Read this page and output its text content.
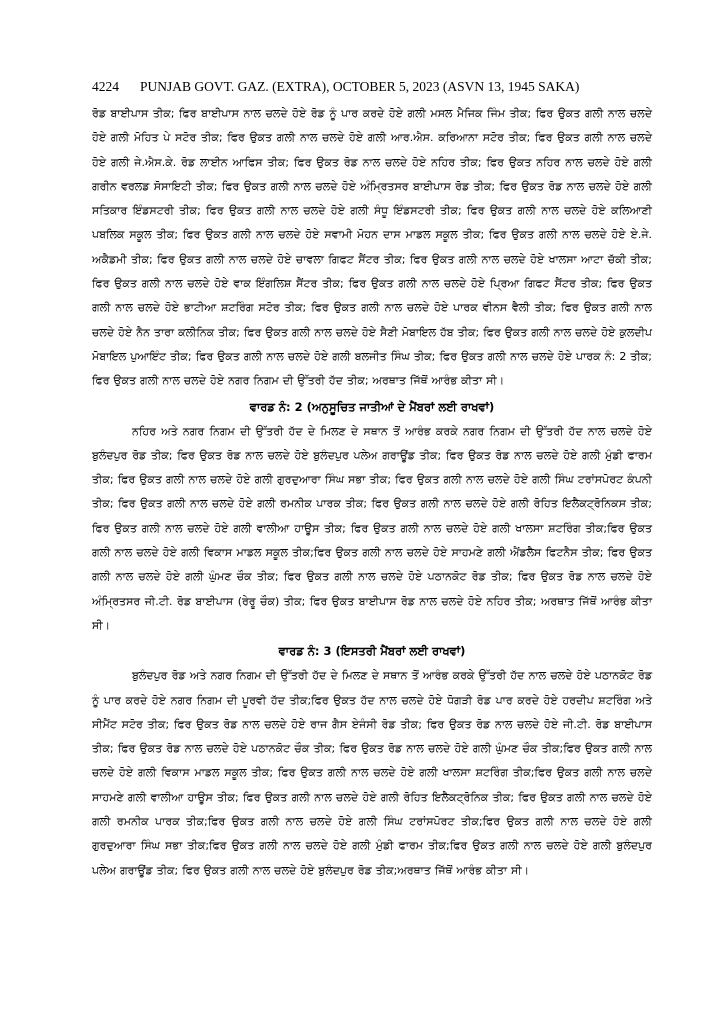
4224 PUNJAB GOVT. GAZ. (EXTRA), OCTOBER 5, 2023 (ASVN 13, 1945 SAKA)

ਰੋਡ ਬਾਈਪਾਸ ਤੀਕ; ਫਿਰ ਬਾਈਪਾਸ ਨਾਲ ਚਲਦੇ ਹੋਏ ਰੋਡ ਨੂੰ ਪਾਰ ਕਰਦੇ ਹੋਏ ਗਲੀ ਮਸਲ ਮੈਜਿਕ ਜਿੰਮ ਤੀਕ; ਫਿਰ ਉਕਤ ਗਲੀ ਨਾਲ ਚਲਦੇ ਹੋਏ ਗਲੀ ਮੋਹਿਤ ਪੇ ਸਟੋਰ ਤੀਕ; ਫਿਰ ਉਕਤ ਗਲੀ ਨਾਲ ਚਲਦੇ ਹੋਏ ਗਲੀ ਆਰ.ਐਸ. ਕਰਿਆਨਾ ਸਟੋਰ ਤੀਕ; ਫਿਰ ਉਕਤ ਗਲੀ ਨਾਲ ਚਲਦੇ ਹੋਏ ਗਲੀ ਜੇ.ਐਸ.ਕੇ. ਰੋਡ ਲਾਈਨ ਆਫਿਸ ਤੀਕ; ਫਿਰ ਉਕਤ ਰੋਡ ਨਾਲ ਚਲਦੇ ਹੋਏ ਨਹਿਰ ਤੀਕ; ਫਿਰ ਉਕਤ ਨਹਿਰ ਨਾਲ ਚਲਦੇ ਹੋਏ ਗਲੀ ਗਰੀਨ ਵਰਲਡ ਸੋਸਾਇਟੀ ਤੀਕ; ਫਿਰ ਉਕਤ ਗਲੀ ਨਾਲ ਚਲਦੇ ਹੋਏ ਅੰਮ੍ਰਿਤਸਰ ਬਾਈਪਾਸ ਰੋਡ ਤੀਕ; ਫਿਰ ਉਕਤ ਰੋਡ ਨਾਲ ਚਲਦੇ ਹੋਏ ਗਲੀ ਸਤਿਕਾਰ ਇੰਡਸਟਰੀ ਤੀਕ; ਫਿਰ ਉਕਤ ਗਲੀ ਨਾਲ ਚਲਦੇ ਹੋਏ ਗਲੀ ਸੰਧੂ ਇੰਡਸਟਰੀ ਤੀਕ; ਫਿਰ ਉਕਤ ਗਲੀ ਨਾਲ ਚਲਦੇ ਹੋਏ ਕਲਿਆਣੀ ਪਬਲਿਕ ਸਕੂਲ ਤੀਕ; ਫਿਰ ਉਕਤ ਗਲੀ ਨਾਲ ਚਲਦੇ ਹੋਏ ਸਵਾਮੀ ਮੋਹਨ ਦਾਸ ਮਾਡਲ ਸਕੂਲ ਤੀਕ; ਫਿਰ ਉਕਤ ਗਲੀ ਨਾਲ ਚਲਦੇ ਹੋਏ ਏ.ਜੇ. ਅਕੈਡਮੀ ਤੀਕ; ਫਿਰ ਉਕਤ ਗਲੀ ਨਾਲ ਚਲਦੇ ਹੋਏ ਚਾਵਲਾ ਗਿਫਟ ਸੈਂਟਰ ਤੀਕ; ਫਿਰ ਉਕਤ ਗਲੀ ਨਾਲ ਚਲਦੇ ਹੋਏ ਖਾਲਸਾ ਆਟਾ ਚੱਕੀ ਤੀਕ; ਫਿਰ ਉਕਤ ਗਲੀ ਨਾਲ ਚਲਦੇ ਹੋਏ ਵਾਕ ਇੰਗਲਿਸ਼ ਸੈਂਟਰ ਤੀਕ; ਫਿਰ ਉਕਤ ਗਲੀ ਨਾਲ ਚਲਦੇ ਹੋਏ ਪ੍ਰਿਆ ਗਿਫਟ ਸੈਂਟਰ ਤੀਕ; ਫਿਰ ਉਕਤ ਗਲੀ ਨਾਲ ਚਲਦੇ ਹੋਏ ਭਾਟੀਆ ਸ਼ਟਰਿੰਗ ਸਟੋਰ ਤੀਕ; ਫਿਰ ਉਕਤ ਗਲੀ ਨਾਲ ਚਲਦੇ ਹੋਏ ਪਾਰਕ ਵੀਨਸ ਵੈਲੀ ਤੀਕ; ਫਿਰ ਉਕਤ ਗਲੀ ਨਾਲ ਚਲਦੇ ਹੋਏ ਨੈਨ ਤਾਰਾ ਕਲੀਨਿਕ ਤੀਕ; ਫਿਰ ਉਕਤ ਗਲੀ ਨਾਲ ਚਲਦੇ ਹੋਏ ਸੈਣੀ ਮੋਬਾਇਲ ਹੱਬ ਤੀਕ; ਫਿਰ ਉਕਤ ਗਲੀ ਨਾਲ ਚਲਦੇ ਹੋਏ ਕੁਲਦੀਪ ਮੋਬਾਇਲ ਪੁਆਇੰਟ ਤੀਕ; ਫਿਰ ਉਕਤ ਗਲੀ ਨਾਲ ਚਲਦੇ ਹੋਏ ਗਲੀ ਬਲਜੀਤ ਸਿੰਘ ਤੀਕ; ਫਿਰ ਉਕਤ ਗਲੀ ਨਾਲ ਚਲਦੇ ਹੋਏ ਪਾਰਕ ਨੰ: 2 ਤੀਕ; ਫਿਰ ਉਕਤ ਗਲੀ ਨਾਲ ਚਲਦੇ ਹੋਏ ਨਗਰ ਨਿਗਮ ਦੀ ਉੱਤਰੀ ਹੱਦ ਤੀਕ; ਅਰਥਾਤ ਜਿੱਥੋਂ ਆਰੰਭ ਕੀਤਾ ਸੀ।

ਵਾਰਡ ਨੰ: 2 (ਅਨੁਸੂਚਿਤ ਜਾਤੀਆਂ ਦੇ ਮੈਂਬਰਾਂ ਲਈ ਰਾਖਵਾਂ)

ਨਹਿਰ ਅਤੇ ਨਗਰ ਨਿਗਮ ਦੀ ਉੱਤਰੀ ਹੱਦ ਦੇ ਮਿਲਣ ਦੇ ਸਥਾਨ ਤੋਂ ਆਰੰਭ ਕਰਕੇ ਨਗਰ ਨਿਗਮ ਦੀ ਉੱਤਰੀ ਹੱਦ ਨਾਲ ਚਲਦੇ ਹੋਏ ਬੁਲੰਦਪੁਰ ਰੋਡ ਤੀਕ; ਫਿਰ ਉਕਤ ਰੋਡ ਨਾਲ ਚਲਦੇ ਹੋਏ ਬੁਲੰਦਪੁਰ ਪਲੇਅ ਗਰਾਊਂਡ ਤੀਕ; ਫਿਰ ਉਕਤ ਰੋਡ ਨਾਲ ਚਲਦੇ ਹੋਏ ਗਲੀ ਮੁੰਡੀ ਫਾਰਮ ਤੀਕ; ਫਿਰ ਉਕਤ ਗਲੀ ਨਾਲ ਚਲਦੇ ਹੋਏ ਗਲੀ ਗੁਰਦੁਆਰਾ ਸਿੰਘ ਸਭਾ ਤੀਕ; ਫਿਰ ਉਕਤ ਗਲੀ ਨਾਲ ਚਲਦੇ ਹੋਏ ਗਲੀ ਸਿੰਘ ਟਰਾਂਸਪੋਰਟ ਕੰਪਨੀ ਤੀਕ; ਫਿਰ ਉਕਤ ਗਲੀ ਨਾਲ ਚਲਦੇ ਹੋਏ ਗਲੀ ਰਮਨੀਕ ਪਾਰਕ ਤੀਕ; ਫਿਰ ਉਕਤ ਗਲੀ ਨਾਲ ਚਲਦੇ ਹੋਏ ਗਲੀ ਰੋਹਿਤ ਇਲੈਕਟ੍ਰੋਨਿਕਸ ਤੀਕ; ਫਿਰ ਉਕਤ ਗਲੀ ਨਾਲ ਚਲਦੇ ਹੋਏ ਗਲੀ ਵਾਲੀਆ ਹਾਊਸ ਤੀਕ; ਫਿਰ ਉਕਤ ਗਲੀ ਨਾਲ ਚਲਦੇ ਹੋਏ ਗਲੀ ਖਾਲਸਾ ਸ਼ਟਰਿੰਗ ਤੀਕ;ਫਿਰ ਉਕਤ ਗਲੀ ਨਾਲ ਚਲਦੇ ਹੋਏ ਗਲੀ ਵਿਕਾਸ ਮਾਡਲ ਸਕੂਲ ਤੀਕ;ਫਿਰ ਉਕਤ ਗਲੀ ਨਾਲ ਚਲਦੇ ਹੋਏ ਸਾਹਮਣੇ ਗਲੀ ਐਂਡਲੈਸ ਫਿਟਨੈਸ ਤੀਕ; ਫਿਰ ਉਕਤ ਗਲੀ ਨਾਲ ਚਲਦੇ ਹੋਏ ਗਲੀ ਘੁੰਮਣ ਚੌਕ ਤੀਕ; ਫਿਰ ਉਕਤ ਗਲੀ ਨਾਲ ਚਲਦੇ ਹੋਏ ਪਠਾਨਕੋਟ ਰੋਡ ਤੀਕ; ਫਿਰ ਉਕਤ ਰੋਡ ਨਾਲ ਚਲਦੇ ਹੋਏ ਅੰਮ੍ਰਿਤਸਰ ਜੀ.ਟੀ. ਰੋਡ ਬਾਈਪਾਸ (ਰੇਰੂ ਚੌਕ) ਤੀਕ; ਫਿਰ ਉਕਤ ਬਾਈਪਾਸ ਰੋਡ ਨਾਲ ਚਲਦੇ ਹੋਏ ਨਹਿਰ ਤੀਕ; ਅਰਥਾਤ ਜਿੱਥੋਂ ਆਰੰਭ ਕੀਤਾ ਸੀ।

ਵਾਰਡ ਨੰ: 3 (ਇਸਤਰੀ ਮੈਂਬਰਾਂ ਲਈ ਰਾਖਵਾਂ)

ਬੁਲੰਦਪੁਰ ਰੋਡ ਅਤੇ ਨਗਰ ਨਿਗਮ ਦੀ ਉੱਤਰੀ ਹੱਦ ਦੇ ਮਿਲਣ ਦੇ ਸਥਾਨ ਤੋਂ ਆਰੰਭ ਕਰਕੇ ਉੱਤਰੀ ਹੱਦ ਨਾਲ ਚਲਦੇ ਹੋਏ ਪਠਾਨਕੋਟ ਰੋਡ ਨੂੰ ਪਾਰ ਕਰਦੇ ਹੋਏ ਨਗਰ ਨਿਗਮ ਦੀ ਪੂਰਵੀ ਹੱਦ ਤੀਕ;ਫਿਰ ਉਕਤ ਹੱਦ ਨਾਲ ਚਲਦੇ ਹੋਏ ਧੋਗੜੀ ਰੋਡ ਪਾਰ ਕਰਦੇ ਹੋਏ ਹਰਦੀਪ ਸ਼ਟਰਿੰਗ ਅਤੇ ਸੀਮੈਂਟ ਸਟੋਰ ਤੀਕ; ਫਿਰ ਉਕਤ ਰੋਡ ਨਾਲ ਚਲਦੇ ਹੋਏ ਰਾਜ ਗੈਸ ਏਜੰਸੀ ਰੋਡ ਤੀਕ; ਫਿਰ ਉਕਤ ਰੋਡ ਨਾਲ ਚਲਦੇ ਹੋਏ ਜੀ.ਟੀ. ਰੋਡ ਬਾਈਪਾਸ ਤੀਕ; ਫਿਰ ਉਕਤ ਰੋਡ ਨਾਲ ਚਲਦੇ ਹੋਏ ਪਠਾਨਕੋਟ ਚੌਕ ਤੀਕ; ਫਿਰ ਉਕਤ ਰੋਡ ਨਾਲ ਚਲਦੇ ਹੋਏ ਗਲੀ ਘੁੰਮਣ ਚੌਕ ਤੀਕ;ਫਿਰ ਉਕਤ ਗਲੀ ਨਾਲ ਚਲਦੇ ਹੋਏ ਗਲੀ ਵਿਕਾਸ ਮਾਡਲ ਸਕੂਲ ਤੀਕ; ਫਿਰ ਉਕਤ ਗਲੀ ਨਾਲ ਚਲਦੇ ਹੋਏ ਗਲੀ ਖਾਲਸਾ ਸ਼ਟਰਿੰਗ ਤੀਕ;ਫਿਰ ਉਕਤ ਗਲੀ ਨਾਲ ਚਲਦੇ ਸਾਹਮਣੇ ਗਲੀ ਵਾਲੀਆ ਹਾਊਸ ਤੀਕ; ਫਿਰ ਉਕਤ ਗਲੀ ਨਾਲ ਚਲਦੇ ਹੋਏ ਗਲੀ ਰੋਹਿਤ ਇਲੈਕਟ੍ਰੋਨਿਕ ਤੀਕ; ਫਿਰ ਉਕਤ ਗਲੀ ਨਾਲ ਚਲਦੇ ਹੋਏ ਗਲੀ ਰਮਨੀਕ ਪਾਰਕ ਤੀਕ;ਫਿਰ ਉਕਤ ਗਲੀ ਨਾਲ ਚਲਦੇ ਹੋਏ ਗਲੀ ਸਿੰਘ ਟਰਾਂਸਪੋਰਟ ਤੀਕ;ਫਿਰ ਉਕਤ ਗਲੀ ਨਾਲ ਚਲਦੇ ਹੋਏ ਗਲੀ ਗੁਰਦੁਆਰਾ ਸਿੰਘ ਸਭਾ ਤੀਕ;ਫਿਰ ਉਕਤ ਗਲੀ ਨਾਲ ਚਲਦੇ ਹੋਏ ਗਲੀ ਮੁੰਡੀ ਫਾਰਮ ਤੀਕ;ਫਿਰ ਉਕਤ ਗਲੀ ਨਾਲ ਚਲਦੇ ਹੋਏ ਗਲੀ ਬੁਲੰਦਪੁਰ ਪਲੇਅ ਗਰਾਊਂਡ ਤੀਕ; ਫਿਰ ਉਕਤ ਗਲੀ ਨਾਲ ਚਲਦੇ ਹੋਏ ਬੁਲੰਦਪੁਰ ਰੋਡ ਤੀਕ;ਅਰਥਾਤ ਜਿੱਥੋਂ ਆਰੰਭ ਕੀਤਾ ਸੀ।
